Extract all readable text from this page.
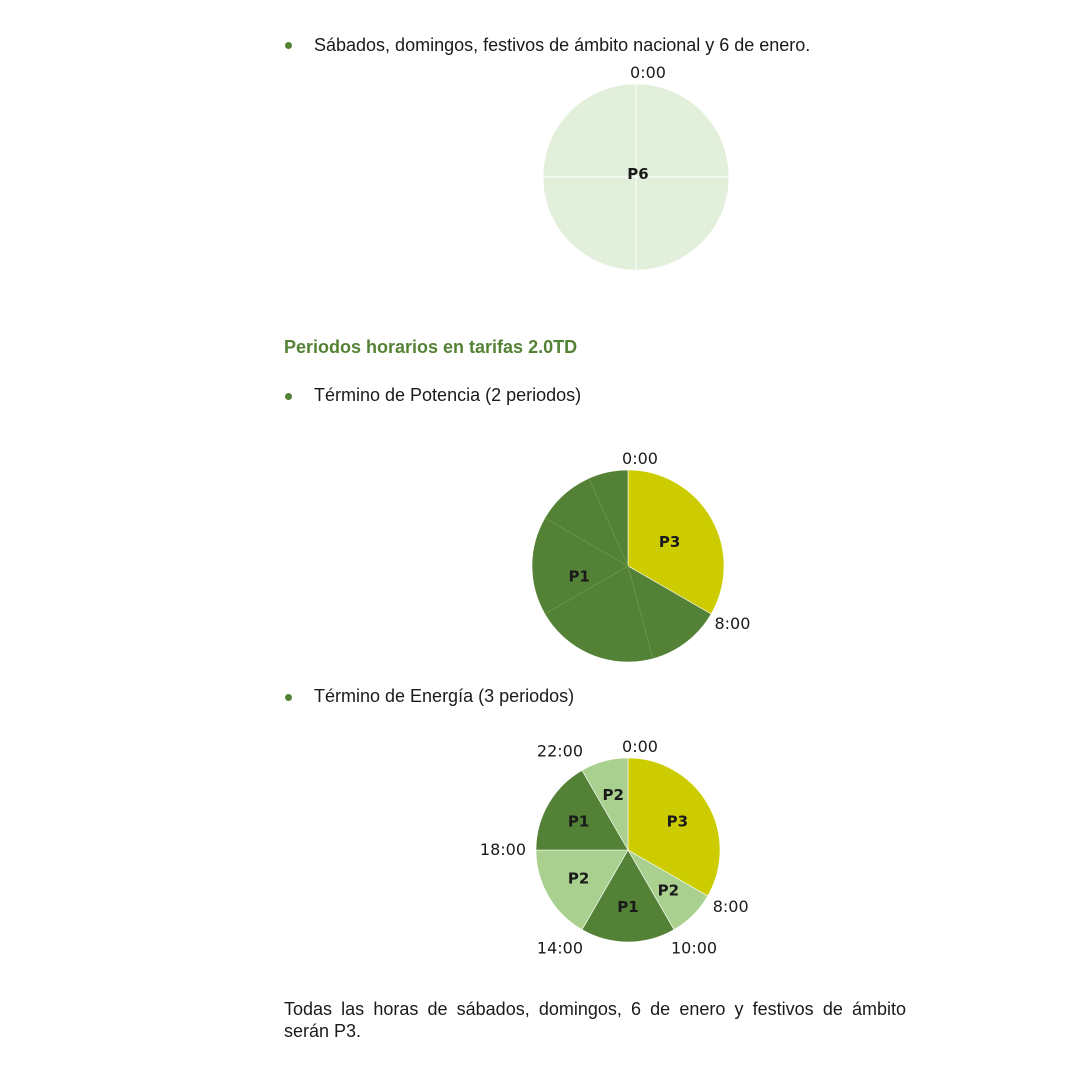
Sábados, domingos, festivos de ámbito nacional y 6 de enero.
P6
0:00
Periodos horarios en tarifas 2.0TD
Término de Potencia (2 periodos)
P3
P1
0:00
8:00
Término de Energía (3 periodos)
P3
P2
P1
P2
P1
P2
0:00
8:00
10:00
14:00
18:00
22:00
Todas las horas de sábados, domingos, 6 de enero y festivos de ámbito serán P3.
